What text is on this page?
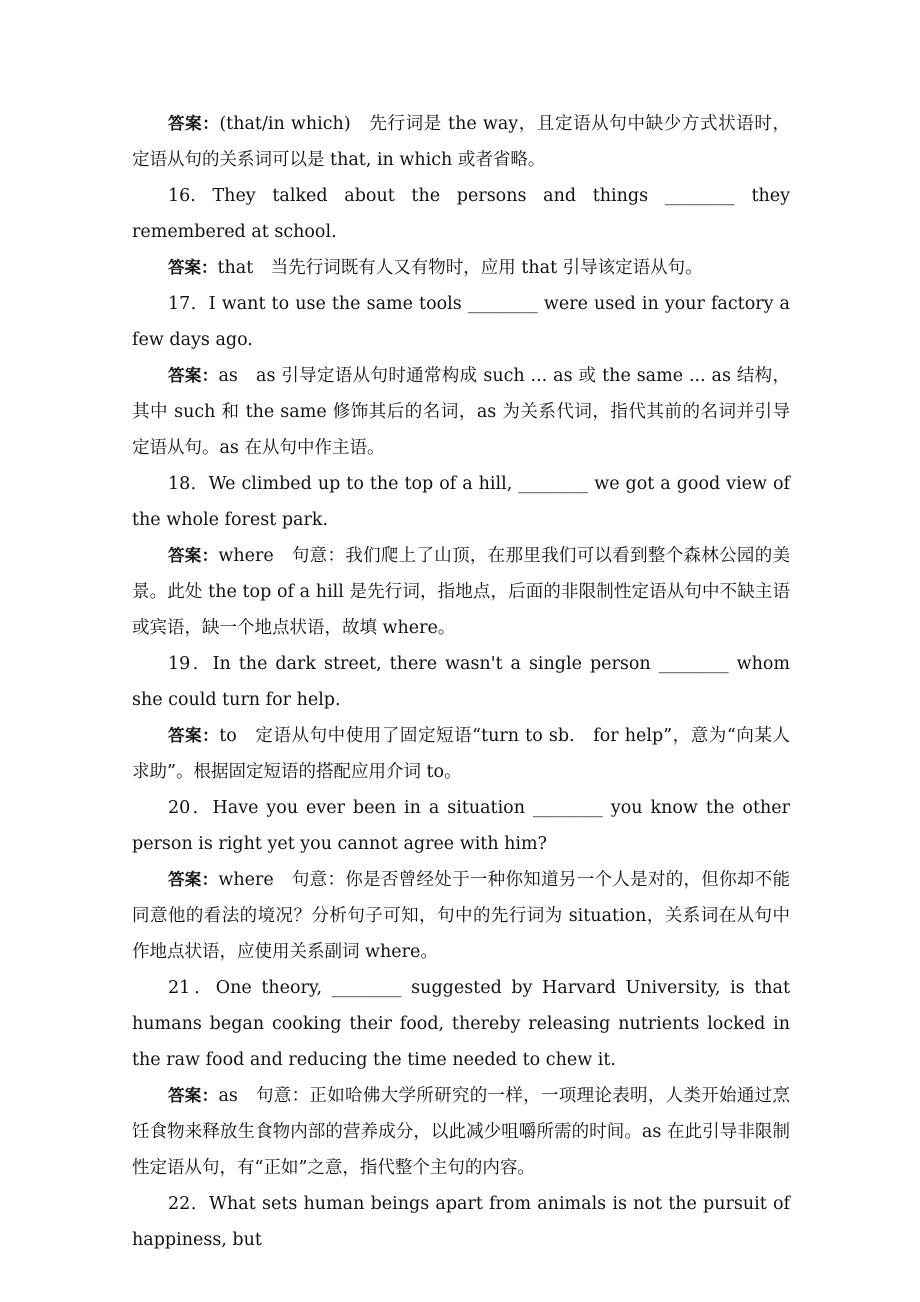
答案：(that/in which)　先行词是 the way，且定语从句中缺少方式状语时，定语从句的关系词可以是 that, in which 或者省略。

16. They talked about the persons and things ________ they remembered at school.

答案：that　当先行词既有人又有物时，应用 that 引导该定语从句。

17．I want to use the same tools ________ were used in your factory a few days ago.

答案：as　as 引导定语从句时通常构成 such ... as 或 the same ... as 结构，其中 such 和 the same 修饰其后的名词，as 为关系代词，指代其前的名词并引导定语从句。as 在从句中作主语。

18．We climbed up to the top of a hill, ________ we got a good view of the whole forest park.

答案：where　句意：我们爬上了山顶，在那里我们可以看到整个森林公园的美景。此处 the top of a hill 是先行词，指地点，后面的非限制性定语从句中不缺主语或宾语，缺一个地点状语，故填 where。

19．In the dark street, there wasn't a single person ________ whom she could turn for help.

答案：to　定语从句中使用了固定短语“turn to sb.　for help”，意为“向某人求助”。根据固定短语的搭配应用介词 to。

20．Have you ever been in a situation ________ you know the other person is right yet you cannot agree with him?

答案：where　句意：你是否曾经处于一种你知道另一个人是对的，但你却不能同意他的看法的境况？分析句子可知，句中的先行词为 situation，关系词在从句中作地点状语，应使用关系副词 where。

21．One theory, ________ suggested by Harvard University, is that humans began cooking their food, thereby releasing nutrients locked in the raw food and reducing the time needed to chew it.

答案：as　句意：正如哈佛大学所研究的一样，一项理论表明，人类开始通过烹饪食物来释放生食物内部的营养成分，以此减少咀嚼所需的时间。as 在此引导非限制性定语从句，有“正如”之意，指代整个主句的内容。

22．What sets human beings apart from animals is not the pursuit of happiness, but
